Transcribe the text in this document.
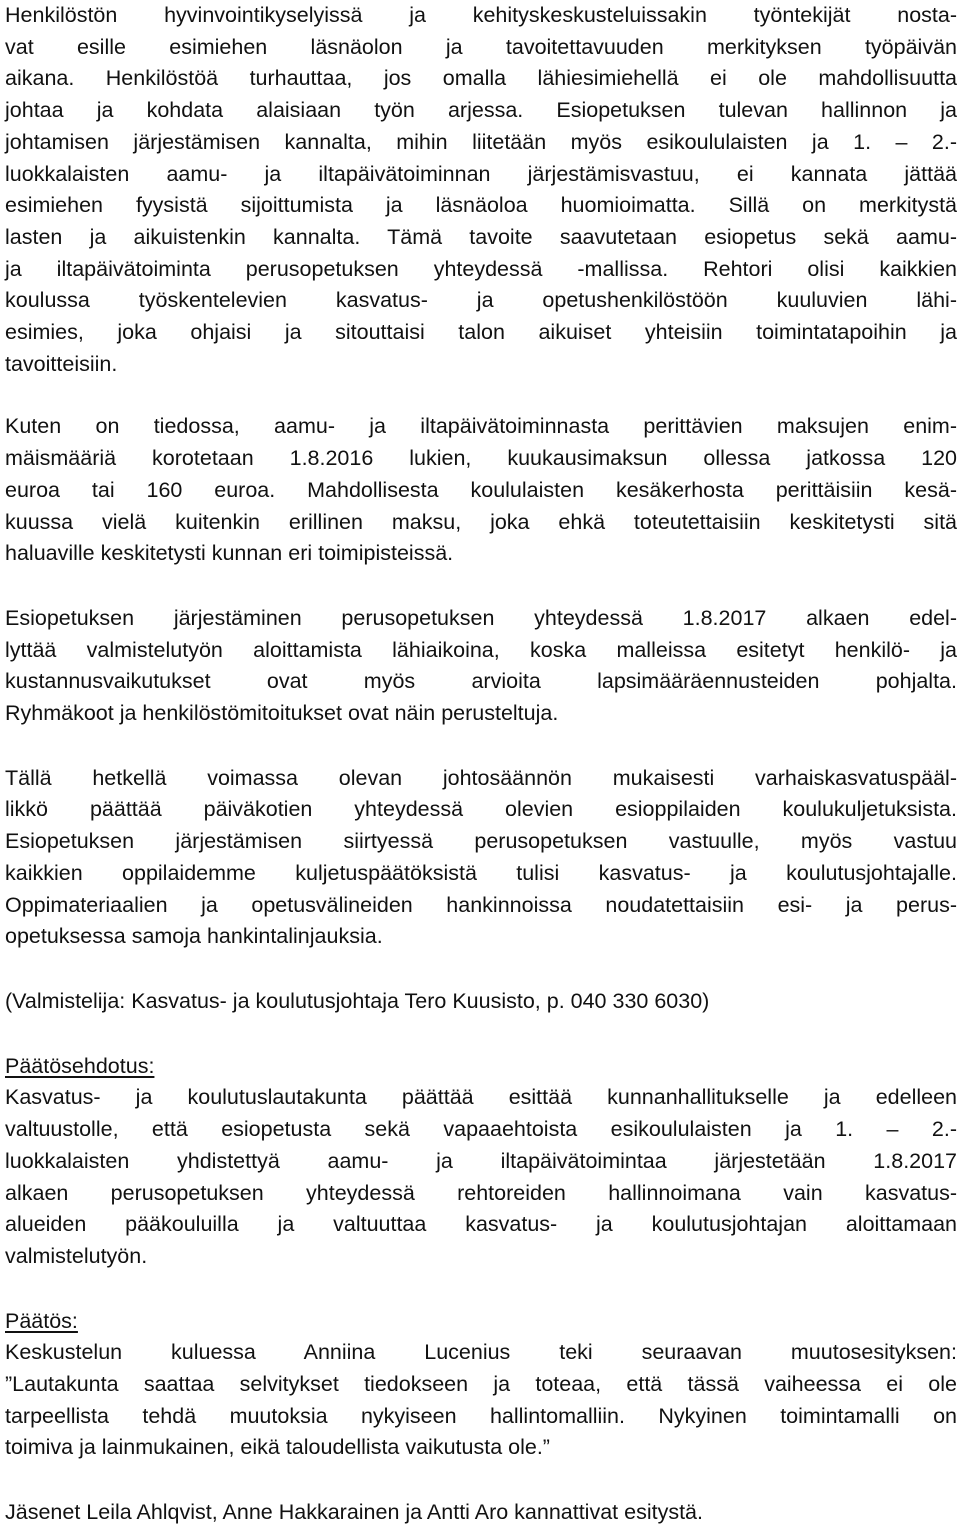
Henkilöstön hyvinvointikyselyissä ja kehityskeskusteluissakin työntekijät nosta-
vat esille esimiehen läsnäolon ja tavoitettavuuden merkityksen työpäivän
aikana. Henkilöstöä turhauttaa, jos omalla lähiesimiehellä ei ole mahdollisuutta
johtaa ja kohdata alaisiaan työn arjessa. Esiopetuksen tulevan hallinnon ja
johtamisen järjestämisen kannalta, mihin liitetään myös esikoululaisten ja 1. – 2.-
luokkalaisten aamu- ja iltapäivätoiminnan järjestämisvastuu, ei kannata jättää
esimiehen fyysistä sijoittumista ja läsnäoloa huomioimatta. Sillä on merkitystä
lasten ja aikuistenkin kannalta. Tämä tavoite saavutetaan esiopetus sekä aamu-
ja iltapäivätoiminta perusopetuksen yhteydessä -mallissa. Rehtori olisi kaikkien
koulussa työskentelevien kasvatus- ja opetushenkilöstöön kuuluvien lähi-
esimies, joka ohjaisi ja sitouttaisi talon aikuiset yhteisiin toimintatapoihin ja
tavoitteisiin.
Kuten on tiedossa, aamu- ja iltapäivätoiminnasta perittävien maksujen enim-
mäismääriä korotetaan 1.8.2016 lukien, kuukausimaksun ollessa jatkossa 120
euroa tai 160 euroa. Mahdollisesta koululaisten kesäkerhosta perittäisiin kesä-
kuussa vielä kuitenkin erillinen maksu, joka ehkä toteutettaisiin keskitetysti sitä
haluaville keskitetysti kunnan eri toimipisteissä.
Esiopetuksen järjestäminen perusopetuksen yhteydessä 1.8.2017 alkaen edel-
lyttää valmistelutyön aloittamista lähiaikoina, koska malleissa esitetyt henkilö- ja
kustannusvaikutukset ovat myös arvioita lapsimääräennusteiden pohjalta.
Ryhmäkoot ja henkilöstömitoitukset ovat näin perusteltuja.
Tällä hetkellä voimassa olevan johtosäännön mukaisesti varhaiskasvatuspääl-
likkö päättää päiväkotien yhteydessä olevien esioppilaiden koulukuljetuksista.
Esiopetuksen järjestämisen siirtyessä perusopetuksen vastuulle, myös vastuu
kaikkien oppilaidemme kuljetuspäätöksistä tulisi kasvatus- ja koulutusjohtajalle.
Oppimateriaalien ja opetusvälineiden hankinnoissa noudatettaisiin esi- ja perus-
opetuksessa samoja hankintalinjauksia.
(Valmistelija: Kasvatus- ja koulutusjohtaja Tero Kuusisto, p. 040 330 6030)
Päätösehdotus:
Kasvatus- ja koulutuslautakunta päättää esittää kunnanhallitukselle ja edelleen
valtuustolle, että esiopetusta sekä vapaaehtoista esikoululaisten ja 1. – 2.-
luokkalaisten yhdistettyä aamu- ja iltapäivätoimintaa järjestetään 1.8.2017
alkaen perusopetuksen yhteydessä rehtoreiden hallinnoimana vain kasvatus-
alueiden pääkouluilla ja valtuuttaa kasvatus- ja koulutusjohtajan aloittamaan
valmistelutyön.
Päätös:
Keskustelun kuluessa Anniina Lucenius teki seuraavan muutosesityksen:
”Lautakunta saattaa selvitykset tiedokseen ja toteaa, että tässä vaiheessa ei ole
tarpeellista tehdä muutoksia nykyiseen hallintomalliin. Nykyinen toimintamalli on
toimiva ja lainmukainen, eikä taloudellista vaikutusta ole.”
Jäsenet Leila Ahlqvist, Anne Hakkarainen ja Antti Aro kannattivat esitystä.
